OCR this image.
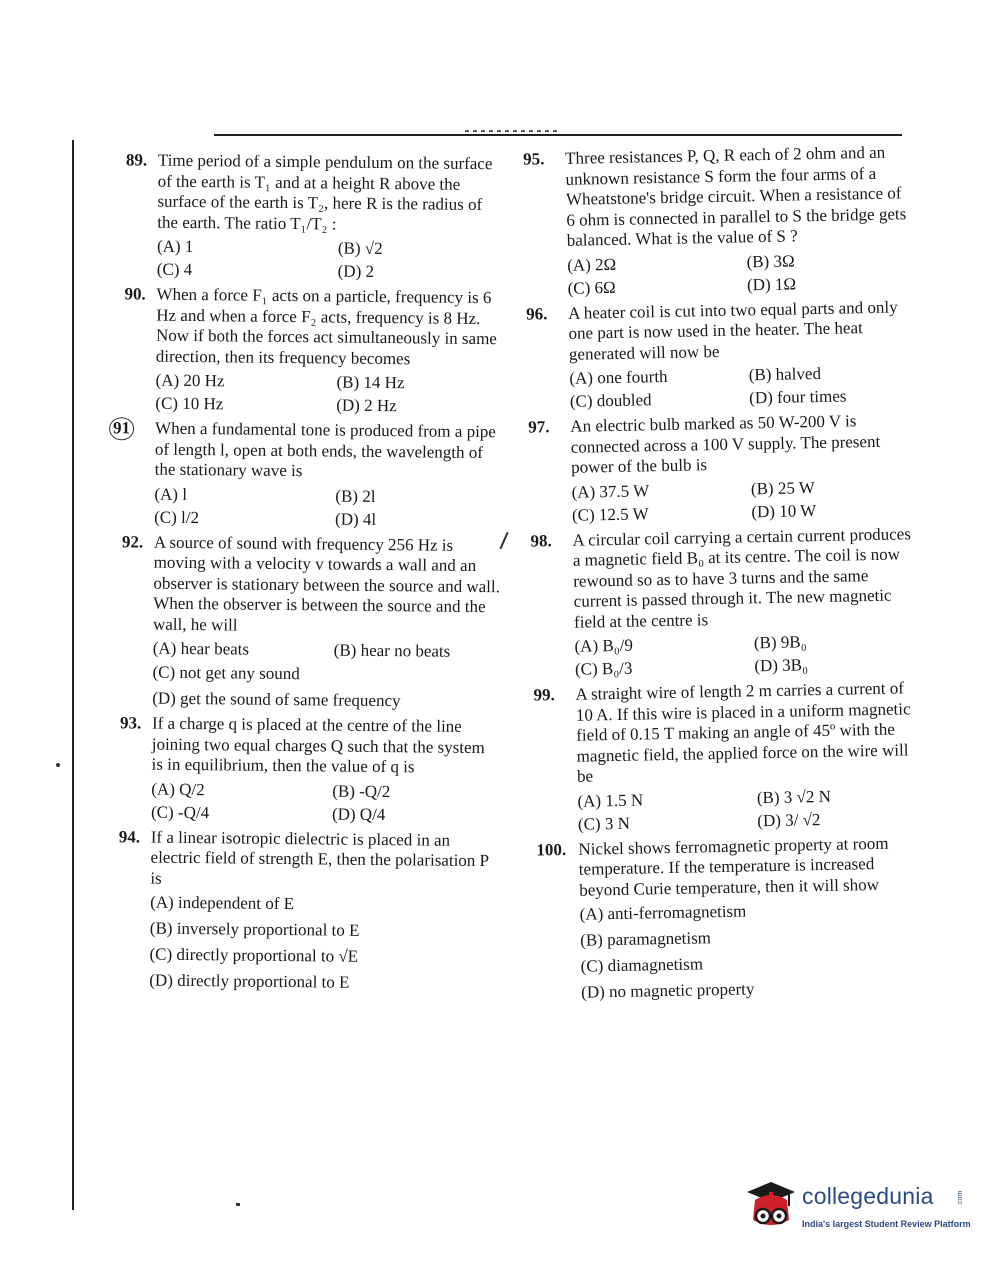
89. Time period of a simple pendulum on the surface of the earth is T₁ and at a height R above the surface of the earth is T₂, here R is the radius of the earth. The ratio T₁/T₂ :
(A) 1	(B) √2
(C) 4	(D) 2
90. When a force F₁ acts on a particle, frequency is 6 Hz and when a force F₂ acts, frequency is 8 Hz. Now if both the forces act simultaneously in same direction, then its frequency becomes
(A) 20 Hz	(B) 14 Hz
(C) 10 Hz	(D) 2 Hz
91 When a fundamental tone is produced from a pipe of length l, open at both ends, the wavelength of the stationary wave is
(A) l	(B) 2l
(C) l/2	(D) 4l
92. A source of sound with frequency 256 Hz is moving with a velocity v towards a wall and an observer is stationary between the source and wall. When the observer is between the source and the wall, he will
(A) hear beats	(B) hear no beats
(C) not get any sound
(D) get the sound of same frequency
93. If a charge q is placed at the centre of the line joining two equal charges Q such that the system is in equilibrium, then the value of q is
(A) Q/2	(B) -Q/2
(C) -Q/4	(D) Q/4
94. If a linear isotropic dielectric is placed in an electric field of strength E, then the polarisation P is
(A) independent of E
(B) inversely proportional to E
(C) directly proportional to √E
(D) directly proportional to E
95. Three resistances P, Q, R each of 2 ohm and an unknown resistance S form the four arms of a Wheatstone's bridge circuit. When a resistance of 6 ohm is connected in parallel to S the bridge gets balanced. What is the value of S ?
(A) 2Ω	(B) 3Ω
(C) 6Ω	(D) 1Ω
96. A heater coil is cut into two equal parts and only one part is now used in the heater. The heat generated will now be
(A) one fourth	(B) halved
(C) doubled	(D) four times
97. An electric bulb marked as 50 W-200 V is connected across a 100 V supply. The present power of the bulb is
(A) 37.5 W	(B) 25 W
(C) 12.5 W	(D) 10 W
98. A circular coil carrying a certain current produces a magnetic field B₀ at its centre. The coil is now rewound so as to have 3 turns and the same current is passed through it. The new magnetic field at the centre is
(A) B₀/9	(B) 9B₀
(C) B₀/3	(D) 3B₀
99. A straight wire of length 2 m carries a current of 10 A. If this wire is placed in a uniform magnetic field of 0.15 T making an angle of 45º with the magnetic field, the applied force on the wire will be
(A) 1.5 N	(B) 3 √2 N
(C) 3 N	(D) 3/ √2
100. Nickel shows ferromagnetic property at room temperature. If the temperature is increased beyond Curie temperature, then it will show
(A) anti-ferromagnetism
(B) paramagnetism
(C) diamagnetism
(D) no magnetic property
collegedunia	.com
India's largest Student Review Platform
